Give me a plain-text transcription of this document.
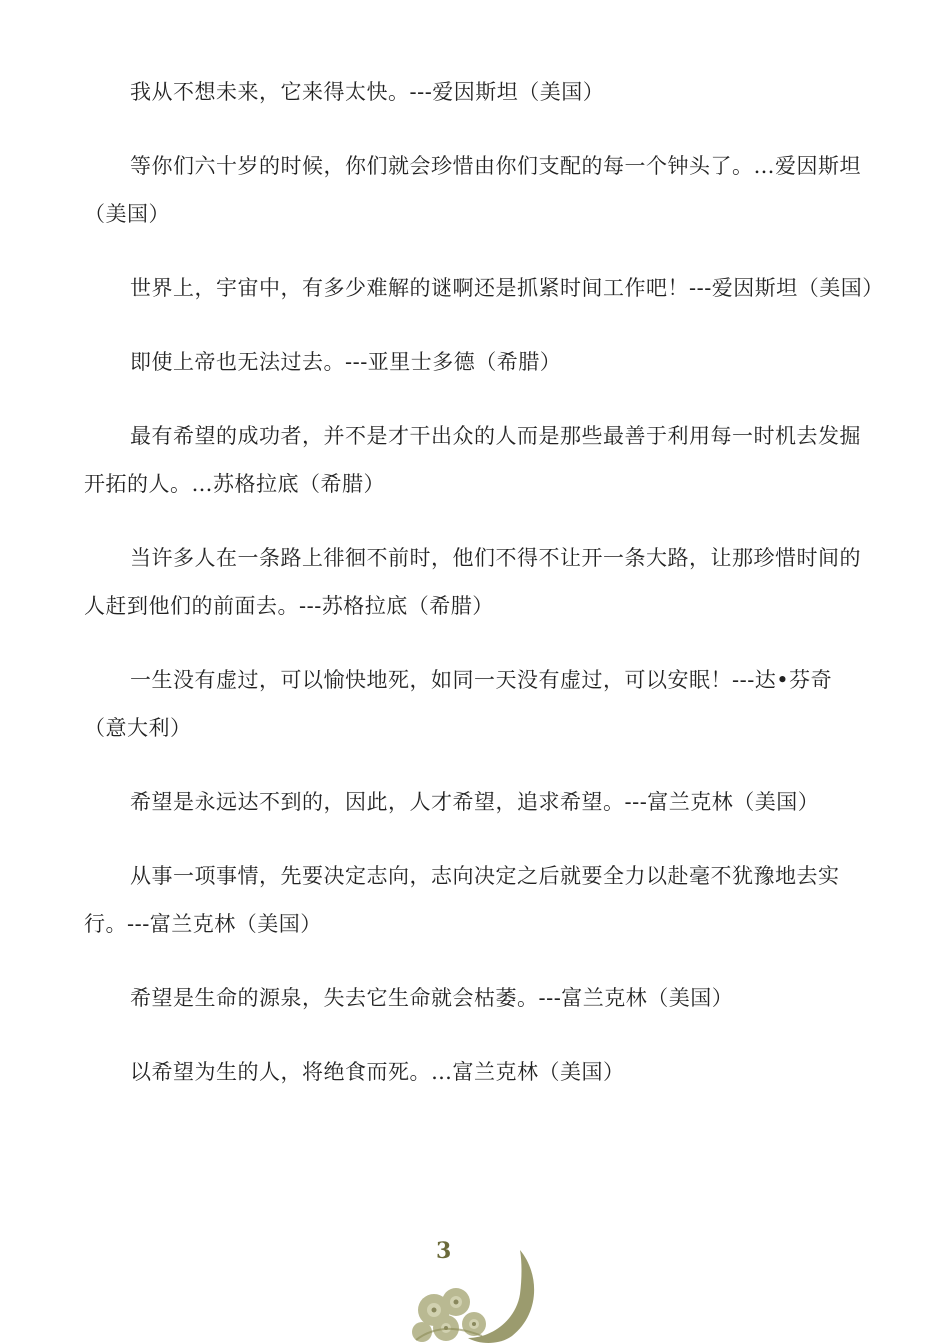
我从不想未来，它来得太快。---爱因斯坦（美国）

等你们六十岁的时候，你们就会珍惜由你们支配的每一个钟头了。…爱因斯坦（美国）

世界上，宇宙中，有多少难解的谜啊还是抓紧时间工作吧！---爱因斯坦（美国）

即使上帝也无法过去。---亚里士多德（希腊）

最有希望的成功者，并不是才干出众的人而是那些最善于利用每一时机去发掘开拓的人。…苏格拉底（希腊）

当许多人在一条路上徘徊不前时，他们不得不让开一条大路，让那珍惜时间的人赶到他们的前面去。---苏格拉底（希腊）

一生没有虚过，可以愉快地死，如同一天没有虚过，可以安眠！---达•芬奇（意大利）

希望是永远达不到的，因此，人才希望，追求希望。---富兰克林（美国）

从事一项事情，先要决定志向，志向决定之后就要全力以赴毫不犹豫地去实行。---富兰克林（美国）

希望是生命的源泉，失去它生命就会枯萎。---富兰克林（美国）

以希望为生的人，将绝食而死。…富兰克林（美国）

3
